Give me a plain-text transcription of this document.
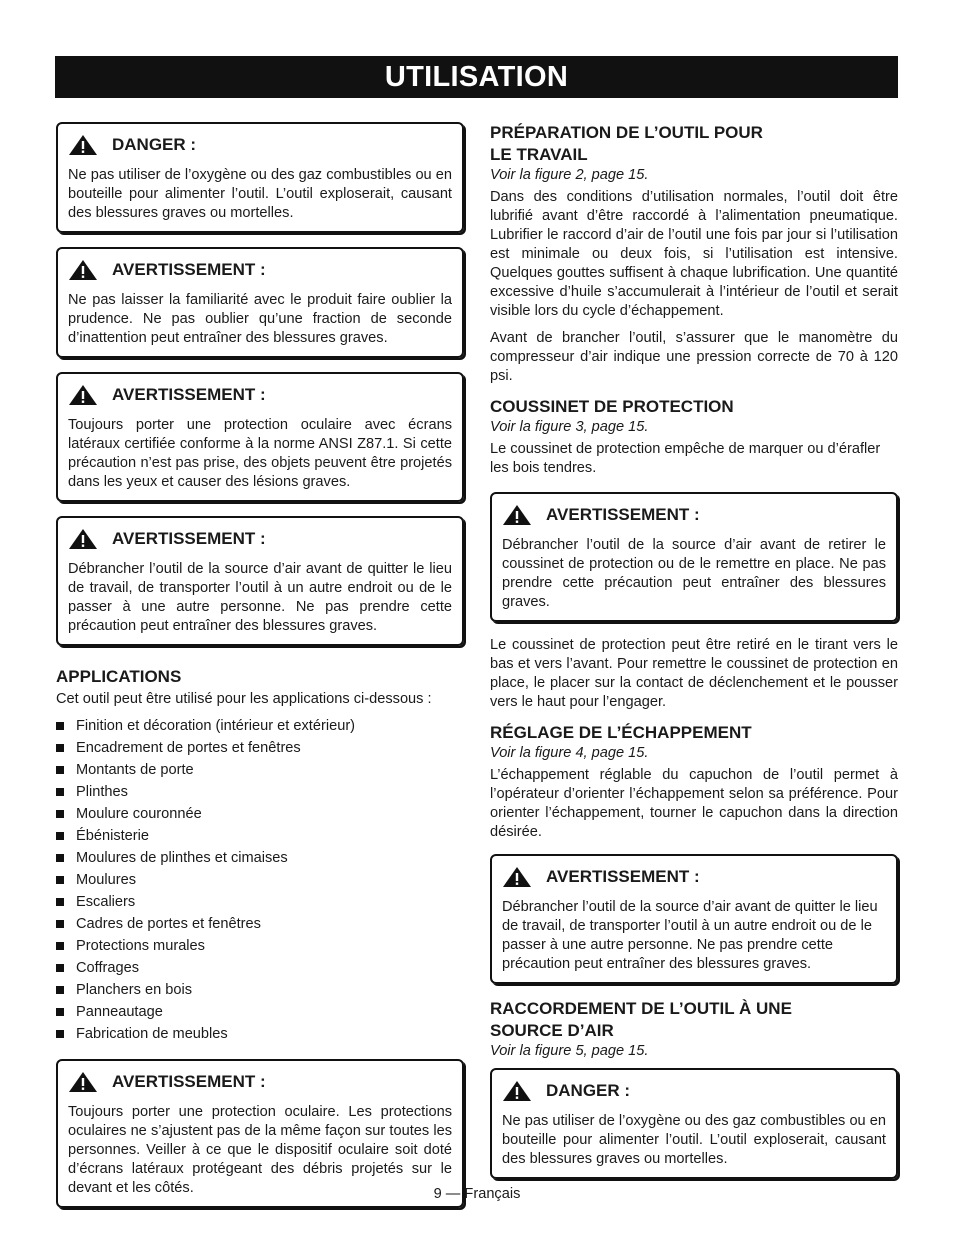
UTILISATION
DANGER :
Ne pas utiliser de l’oxygène ou des gaz combustibles ou en bouteille pour alimenter l’outil. L’outil exploserait, causant des blessures graves ou mortelles.
AVERTISSEMENT :
Ne pas laisser la familiarité avec le produit faire oublier la prudence. Ne pas oublier qu’une fraction de seconde d’inattention peut entraîner des blessures graves.
AVERTISSEMENT :
Toujours porter une protection oculaire avec écrans latéraux certifiée conforme à la norme ANSI Z87.1. Si cette précaution n’est pas prise, des objets peuvent être projetés dans les yeux et causer des lésions graves.
AVERTISSEMENT :
Débrancher l’outil de la source d’air avant de quitter le lieu de travail, de transporter l’outil à un autre endroit ou de le passer à une autre personne. Ne pas prendre cette précaution peut entraîner des blessures graves.
APPLICATIONS

Cet outil peut être utilisé pour les applications ci-dessous :

Finition et décoration (intérieur et extérieur)
Encadrement de portes et fenêtres
Montants de porte
Plinthes
Moulure couronnée
Ébénisterie
Moulures de plinthes et cimaises
Moulures
Escaliers
Cadres de portes et fenêtres
Protections murales
Coffrages
Planchers en bois
Panneautage
Fabrication de meubles
AVERTISSEMENT :
Toujours porter une protection oculaire. Les protections oculaires ne s’ajustent pas de la même façon sur toutes les personnes. Veiller à ce que le dispositif oculaire soit doté d’écrans latéraux protégeant des débris projetés sur le devant et les côtés.
PRÉPARATION DE L’OUTIL POUR
LE TRAVAIL

Voir la figure 2, page 15.

Dans des conditions d’utilisation normales, l’outil doit être lubrifié avant d’être raccordé à l’alimentation pneumatique. Lubrifier le raccord d’air de l’outil une fois par jour si l’utilisation est minimale ou deux fois, si l’utilisation est intensive. Quelques gouttes suffisent à chaque lubrification. Une quantité excessive d’huile s’accumulerait à l’intérieur de l’outil et serait visible lors du cycle d’échappement.

Avant de brancher l’outil, s’assurer que le manomètre du compresseur d’air indique une pression correcte de 70 à 120 psi.

COUSSINET DE PROTECTION

Voir la figure 3, page 15.

Le coussinet de protection empêche de marquer ou d’érafler les bois tendres.

AVERTISSEMENT :
Débrancher l’outil de la source d’air avant de retirer le coussinet de protection ou de le remettre en place. Ne pas prendre cette précaution peut entraîner des blessures graves.

Le coussinet de protection peut être retiré en le tirant vers le bas et vers l’avant. Pour remettre le coussinet de protection en place, le placer sur la contact de déclenchement et le pousser vers le haut pour l’engager.

RÉGLAGE DE L’ÉCHAPPEMENT

Voir la figure 4, page 15.

L’échappement réglable du capuchon de l’outil permet à l’opérateur d’orienter l’échappement selon sa préférence. Pour orienter l’échappement, tourner le capuchon dans la direction désirée.

AVERTISSEMENT :
Débrancher l’outil de la source d’air avant de quitter le lieu de travail, de transporter l’outil à un autre endroit ou de le passer à une autre personne. Ne pas prendre cette précaution peut entraîner des blessures graves.
RACCORDEMENT DE L’OUTIL À UNE
SOURCE D’AIR

Voir la figure 5, page 15.

DANGER :
Ne pas utiliser de l’oxygène ou des gaz combustibles ou en bouteille pour alimenter l’outil. L’outil exploserait, causant des blessures graves ou mortelles.
9 — Français
